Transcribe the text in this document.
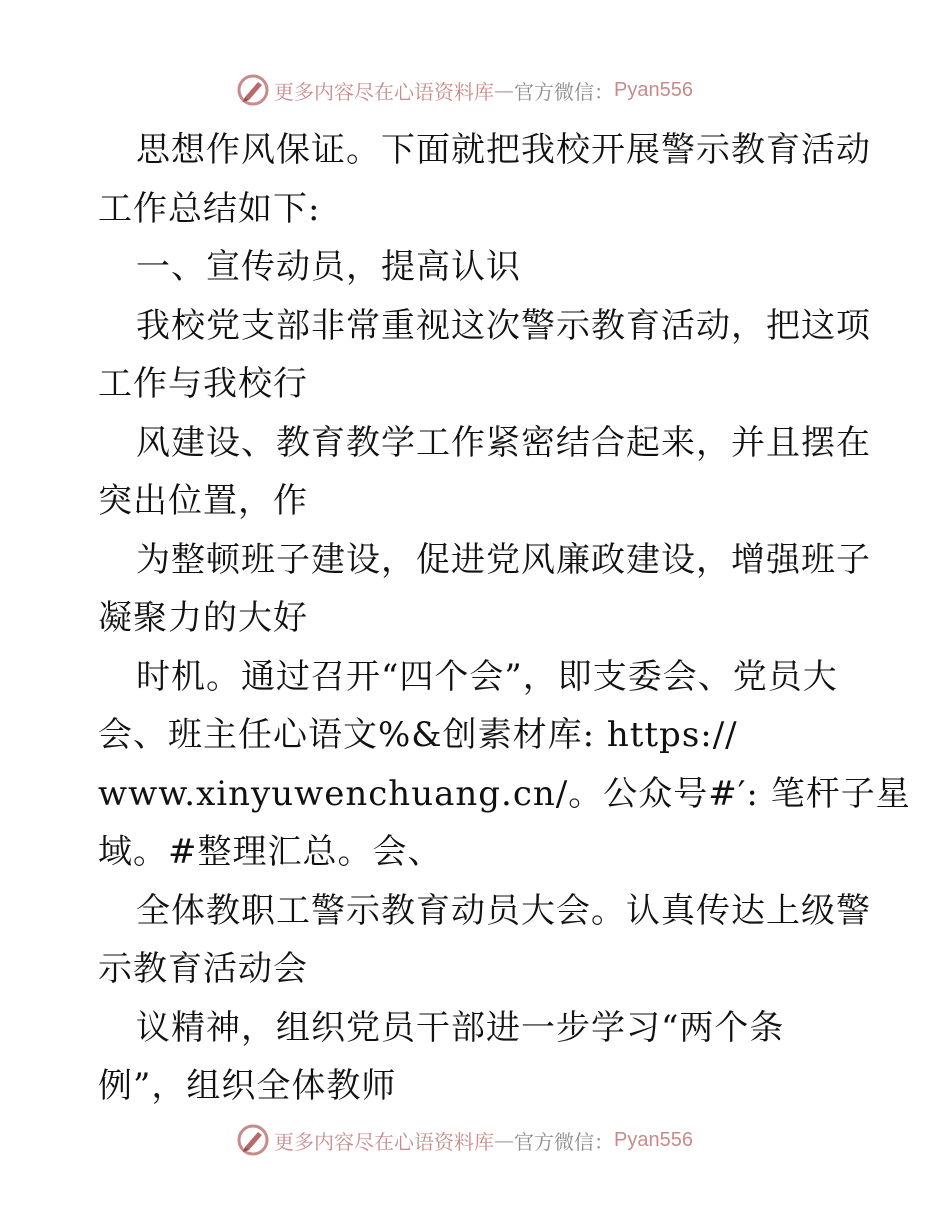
更多内容尽在心语资料库 — 官方微信： Pyan556
思想作风保证。下面就把我校开展警示教育活动
工作总结如下:
一、宣传动员，提高认识
我校党支部非常重视这次警示教育活动，把这项
工作与我校行
风建设、教育教学工作紧密结合起来，并且摆在
突出位置，作
为整顿班子建设，促进党风廉政建设，增强班子
凝聚力的大好
时机。通过召开“四个会”，即支委会、党员大
会、班主任心语文%&创素材库: https://
www.xinyuwenchuang.cn/。公众号#′: 笔杆子星
域。#整理汇总。会、
全体教职工警示教育动员大会。认真传达上级警
示教育活动会
议精神，组织党员干部进一步学习“两个条
例”，组织全体教师
更多内容尽在心语资料库 — 官方微信： Pyan556
